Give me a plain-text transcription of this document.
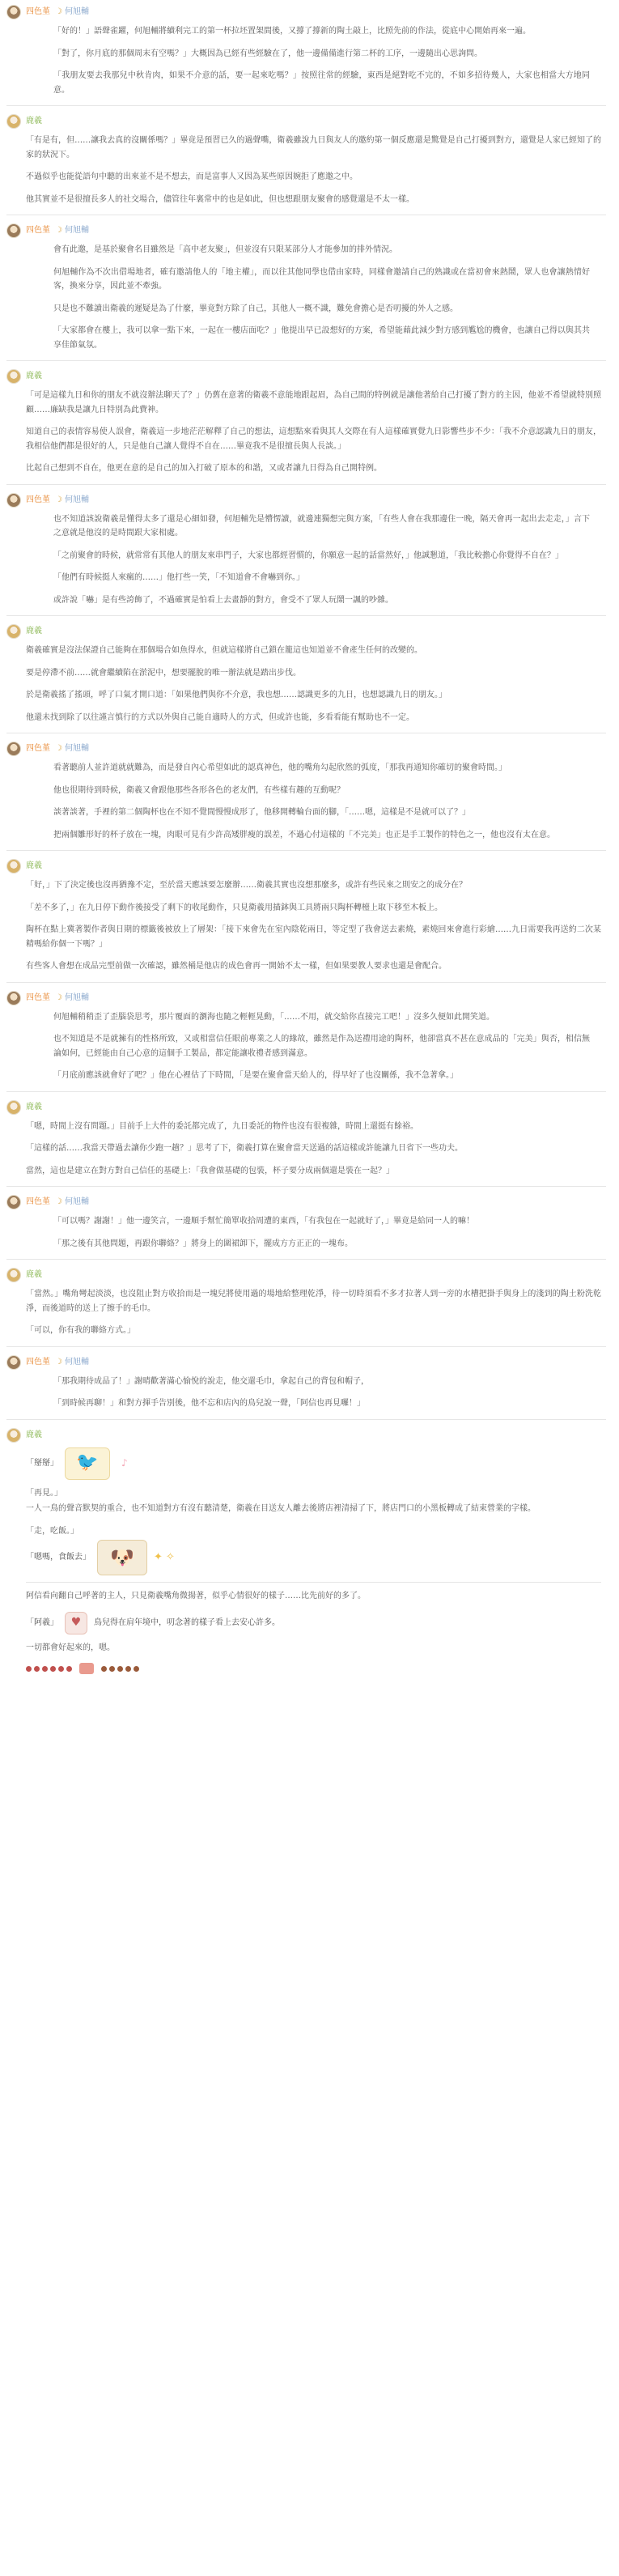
四色堇 ☽ 何旭輔

「好的！」語聲雀躍，何旭輔將續利完工的第一杯拉坯置架間後，又撐了撐新的陶土敲上，比照先前的作法，從底中心開始再來一遍。

「對了，你月底的那個周末有空嗎？」大概因為已經有些經驗在了，他一邊備備進行第二杯的工序，一邊隨出心思詢問。

「我朋友要去我那兒中秋肯肉，如果不介意的話，要一起來吃嗎？」按照往常的經驗，東西是絕對吃不完的，不如多招待幾人，大家也相當大方地同意。

鹿羲

「有是有，但……讓我去真的沒關係嗎？」畢竟是預習已久的過聲嘴，衛羲雖說九日與友人的邀約第一個反應還是驚覺是自己打擾到對方，還覺是人家已經知了的家的狀況下。

不過似乎也能從語句中聽的出來並不是不想去，而是富事人又因為某些原因婉拒了應邀之中。

他其實並不是很擅長多人的社交場合，儘管往年裏常中的也是如此，但也想跟朋友聚會的感覺還是不太一樣。

四色堇 ☽ 何旭輔

會有此邀，是基於聚會名目雖然是「高中老友聚」，但並沒有只限某部分人才能參加的排外情況。

何旭輔作為不次出借場地者，確有邀請他人的「地主權」，而以往其他同學也借由家時，同樣會邀請自己的熟識或在當初會來熱鬧，眾人也會讓熱情好客，換來分享，因此並不牽強。

只是也不難讀出衛羲的遲疑是為了什麼，畢竟對方除了自己，其他人一概不識，難免會擔心是否叨擾的外人之感。

「大家都會在樓上，我可以拿一點下來，一起在一樓店面吃？」他提出早已設想好的方案，希望能藉此減少對方感到尷尬的機會，也讓自己得以與其共享佳節氣氛。

鹿羲

「可是這樣九日和你的朋友不就沒辦法聊天了？」仍舊在意著的衛羲不意能地跟起眉，為自己間的特例就是讓他著給自己打擾了對方的主因，他並不希望就特別照顧……廉缺我是讓九日特別為此費神。

知道自己的表情容易使人誤會，衛羲這一步地茫茫解釋了自己的想法，這想點來看與其人交際在有人這樣確實覺九日影響些步不少：「我不介意認識九日的朋友，我相信他們都是很好的人，只是他自己讓人覺得不自在……畢竟我不是很擅長與人長談。」

比起自己想到不自在，他更在意的是自己的加入打破了原本的和諧，又或者讓九日得為自己開特例。

四色堇 ☽ 何旭輔

也不知道該說衛羲是懂得太多了還是心細如發，何旭輔先是懵愣讀，就邊連獨想完與方案，「有些人會在我那邊住一晚，隔天會再一起出去走走，」言下之意就是他沒的是時間跟大家相處。

「之前聚會的時候，就常常有其他人的朋友來串門子，大家也都經習慣的，你願意一起的話當然好，」他誠懇道，「我比較擔心你覺得不自在？」

「他們有時候挺人來瘋的……」他打些一笑，「不知道會不會嚇到你。」

或許說「嚇」是有些誇飾了，不過確實是怕看上去畫靜的對方，會受不了眾人玩鬧一諷的吵雜。

鹿羲

衛羲確實是沒法保證自己能夠在那個場合如魚得水，但就這樣將自己鎖在籠這也知道並不會產生任何的改變的。

要是停滯不前……就會繼續陷在淤泥中，想要擺脫的唯一辦法就是踏出步伐。

於是衛羲搖了搖頭，呼了口氣才開口道：「如果他們與你不介意，我也想……認識更多的九日，也想認識九日的朋友。」

他還未找到除了以往謹言慎行的方式以外與自己能自適時人的方式，但或許也能，多看看能有幫助也不一定。

四色堇 ☽ 何旭輔

看著聽前人並許道就就難為，而是發自內心希望如此的認真神色，他的嘴角勾起欣然的弧度，「那我再通知你確切的聚會時間。」

他也很期待到時候，衛羲又會跟他那些各形各色的老友們，有些樣有趣的互動呢？

談著談著，手裡的第二個陶杯也在不知不覺間慢慢成形了，他移開轉輪台面的腳，「……嗯，這樣是不是就可以了？」

把兩個雛形好的杯子放在一塊，肉眼可見有少許高矮胖瘦的誤差，不過心付這樣的「不完美」也正是手工製作的特色之一，他也沒有太在意。

鹿羲

「好，」下了決定後也沒再猶豫不定，至於當天應該要怎麼辦……衛羲其實也沒想那麼多，或許有些民來之則安之的成分在？

「差不多了，」在九日停下動作後接受了剩下的收尾動作，只見衛羲用描鉢與工具將兩只陶杯轉檯上取下移至木板上。

陶杯在點上冀著製作者與日期的標籤後被放上了層架：「接下來會先在室內陰乾兩日，等定型了我會送去素燒，素燒回來會進行彩繪……九日需要我再送約二次某精嗎給你個一下嗎？」

有些客人會想在成品完型前做一次確認，雖然桶是他店的成色會再一開始不太一樣，但如果要教人要求也還是會配合。

四色堇 ☽ 何旭輔

何旭輔稍稍歪了歪腦袋思考，那片覆面的瀏海也隨之輕輕晃動，「……不用，就交給你直接完工吧！」沒多久便如此開笑道。

也不知道是不是就擁有的性格所致，又或相當信任眼前專業之人的緣故，雖然是作為送禮用途的陶杯，他卻當真不甚在意成品的「完美」與否，相信無論如何，已經能由自己心意的這個手工製品，都定能讓收禮者感到滿意。

「月底前應該就會好了吧？」他在心裡估了下時間，「是要在聚會當天給人的，得早好了也沒關係，我不急著拿。」

鹿羲

「嗯，時間上沒有問題。」目前手上大件的委託都完成了，九日委託的物件也沒有很複雜，時間上還挺有餘裕。

「這樣的話……我當天帶過去讓你少跑一趟？」思考了下，衛羲打算在聚會當天送過的話這樣或許能讓九日省下一些功夫。

當然，這也是建立在對方對自己信任的基礎上：「我會做基礎的包裝，杯子要分成兩個還是裝在一起？」

四色堇 ☽ 何旭輔

「可以嗎？謝謝！」他一邊笑言，一邊順手幫忙簡單收拾周遭的東西，「有我包在一起就好了，」畢竟是給同一人的嘛！

「那之後有其他問題，再跟你聯絡？」將身上的圍裙卸下，擺成方方正正的一塊布。

鹿羲

「當然。」嘴角彎起淡淡，也沒阻止對方收拾而是一塊兒將使用過的場地給整理乾淨，待一切時須看不多才拉著人到一旁的水槽把掛手與身上的淺到的陶土粉洗乾淨，而後道時的送上了擦手的毛巾。

「可以，你有我的聯絡方式。」

四色堇 ☽ 何旭輔

「那我期待成品了！」謝晴歡著滿心愉悅的說走，他交還毛巾，拿起自己的背包和帽子，

「到時候再聊！」和對方揮手告別後，他不忘和店內的鳥兒說一聲，「阿信也再見囉！」

鹿羲
「掰掰」 🐦 ♪

「再見。」

一人一鳥的聲音默契的重合，也不知道對方有沒有聽清楚，衛羲在目送友人離去後將店裡清掃了下，將店門口的小黑板轉成了結束營業的字樣。

「走，吃飯。」

「嗯嗎，食飯去」 🐶 ✦ ✧

阿信看向翻自己呼著的主人，只見衛羲嘴角微揚著，似乎心情很好的樣子……比先前好的多了。

「阿羲」 ♥ 鳥兒得在肩年境中，叨念著的樣子看上去安心許多。

一切都會好起來的，嗯。
